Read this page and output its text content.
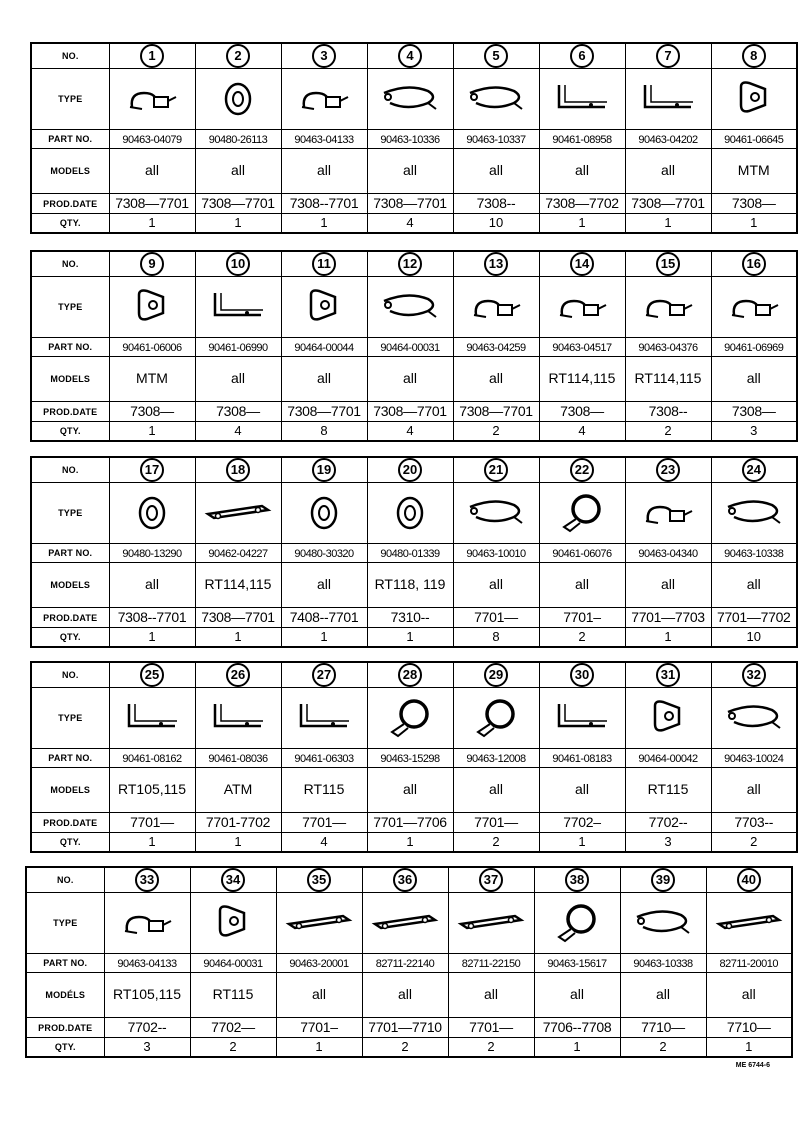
NO.	1	2	3	4	5	6	7	8
TYPE	

PART NO.	90463-04079	90480-26113	90463-04133	90463-10336	90463-10337	90461-08958	90463-04202	90461-06645
MODELS	all	all	all	all	all	all	all	MTM
PROD.DATE	7308—7701	7308—7701	7308--7701	7308—7701	7308--	7308—7702	7308—7701	7308—
QTY.	1	1	1	4	10	1	1	1
NO.	9	10	11	12	13	14	15	16
TYPE	

PART NO.	90461-06006	90461-06990	90464-00044	90464-00031	90463-04259	90463-04517	90463-04376	90461-06969
MODELS	MTM	all	all	all	all	RT114,115	RT114,115	all
PROD.DATE	7308—	7308—	7308—7701	7308—7701	7308—7701	7308—	7308--	7308—
QTY.	1	4	8	4	2	4	2	3
NO.	17	18	19	20	21	22	23	24
TYPE	

PART NO.	90480-13290	90462-04227	90480-30320	90480-01339	90463-10010	90461-06076	90463-04340	90463-10338
MODELS	all	RT114,115	all	RT118, 119	all	all	all	all
PROD.DATE	7308--7701	7308—7701	7408--7701	7310--	7701—	7701–	7701—7703	7701—7702
QTY.	1	1	1	1	8	2	1	10
NO.	25	26	27	28	29	30	31	32
TYPE	

PART NO.	90461-08162	90461-08036	90461-06303	90463-15298	90463-12008	90461-08183	90464-00042	90463-10024
MODELS	RT105,115	ATM	RT115	all	all	all	RT115	all
PROD.DATE	7701—	7701-7702	7701—	7701—7706	7701—	7702–	7702--	7703--
QTY.	1	1	4	1	2	1	3	2
NO.	33	34	35	36	37	38	39	40
TYPE	

PART NO.	90463-04133	90464-00031	90463-20001	82711-22140	82711-22150	90463-15617	90463-10338	82711-20010
MODÉLS	RT105,115	RT115	all	all	all	all	all	all
PROD.DATE	7702--	7702—	7701–	7701—7710	7701—	7706--7708	7710—	7710—
QTY.	3	2	1	2	2	1	2	1
ME 6744-6
